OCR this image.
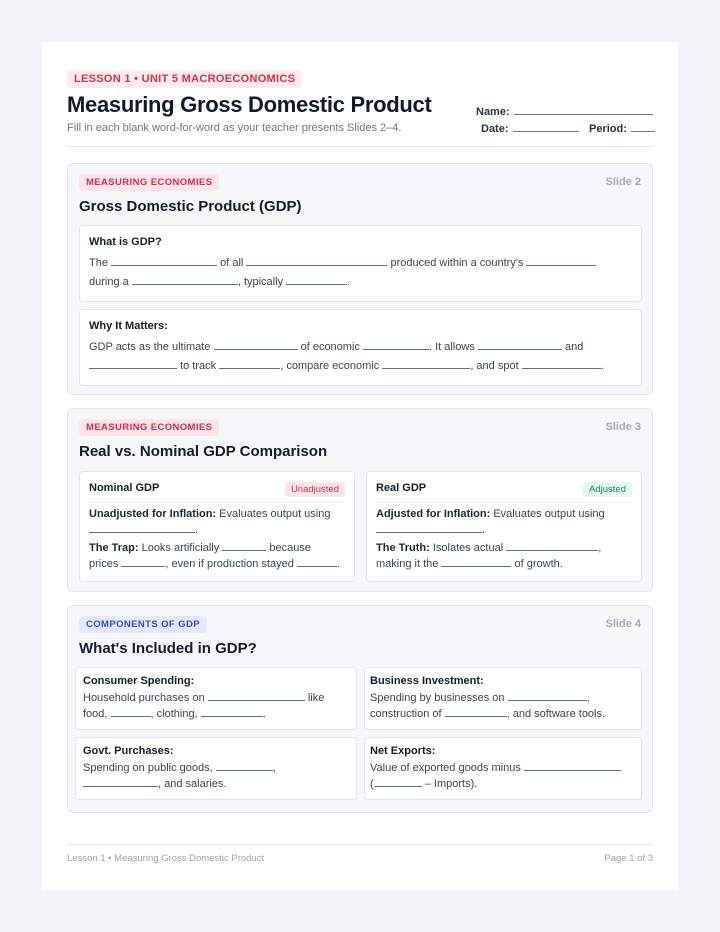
LESSON 1 • UNIT 5 MACROECONOMICS
Measuring Gross Domestic Product
Fill in each blank word-for-word as your teacher presents Slides 2–4.
Name:
Date:	Period:
MEASURING ECONOMIES	Slide 2
Gross Domestic Product (GDP)
What is GDP?
The	of all	produced within a country's
during a	, typically	.
Why It Matters:
GDP acts as the ultimate	of economic	. It allows	and
to track	, compare economic	, and spot	.
MEASURING ECONOMIES	Slide 3
Real vs. Nominal GDP Comparison
Nominal GDP	Unadjusted
Unadjusted for Inflation: Evaluates output using
.
The Trap: Looks artificially	because
prices	, even if production stayed	.
Real GDP	Adjusted
Adjusted for Inflation: Evaluates output using
.
The Truth: Isolates actual	,
making it the	of growth.
COMPONENTS OF GDP	Slide 4
What's Included in GDP?
Consumer Spending:
Household purchases on	like
food,	, clothing,	.
Business Investment:
Spending by businesses on	,
construction of	, and software tools.
Govt. Purchases:
Spending on public goods,	,
, and salaries.
Net Exports:
Value of exported goods minus
(	– Imports).
Lesson 1 • Measuring Gross Domestic Product	Page 1 of 3
